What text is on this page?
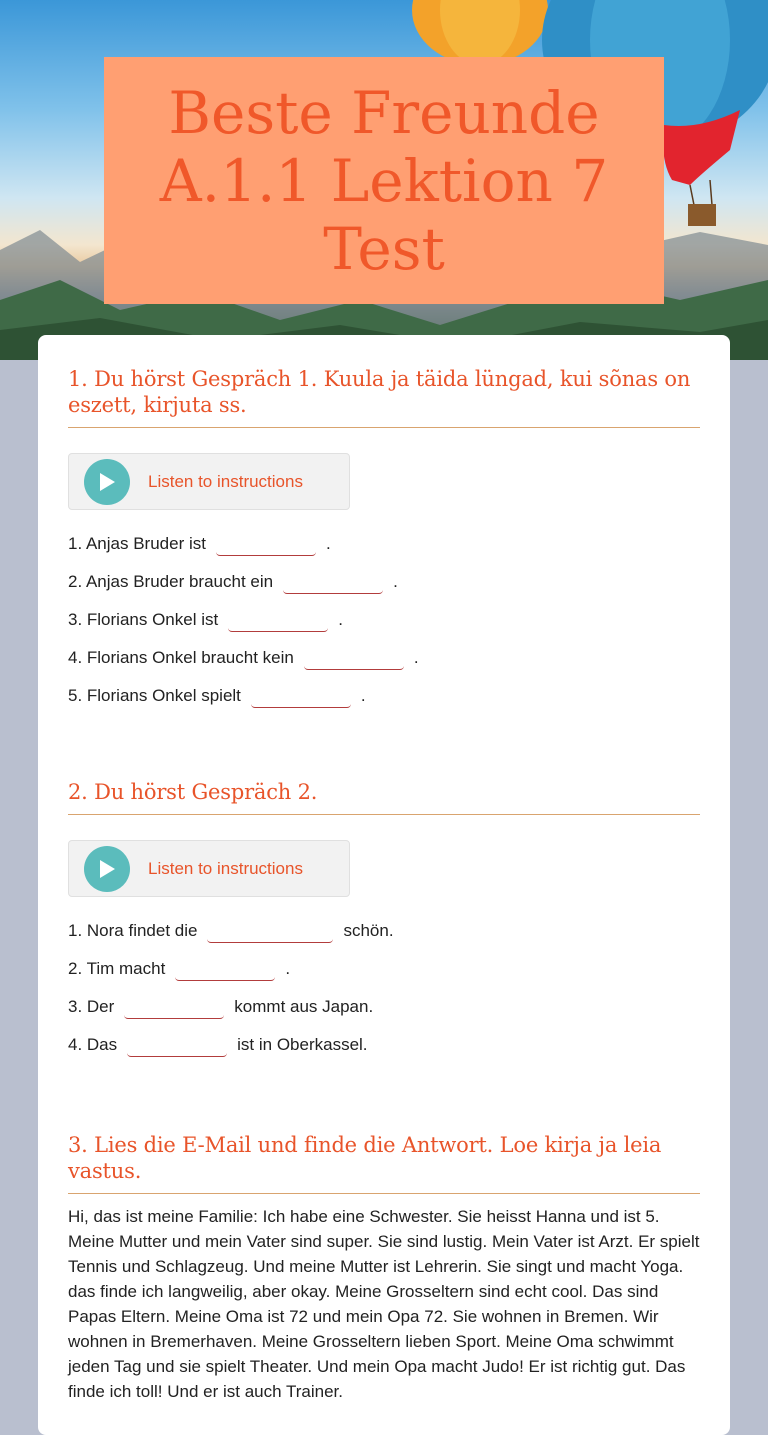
Beste Freunde A.1.1 Lektion 7 Test
1. Du hörst Gespräch 1. Kuula ja täida lüngad, kui sõnas on eszett, kirjuta ss.
Listen to instructions
1. Anjas Bruder ist	.
2. Anjas Bruder braucht ein	.
3. Florians Onkel ist	.
4. Florians Onkel braucht kein	.
5. Florians Onkel spielt	.
2. Du hörst Gespräch 2.
Listen to instructions
1. Nora findet die	schön.
2. Tim macht	.
3. Der	kommt aus Japan.
4. Das	ist in Oberkassel.
3. Lies die E-Mail und finde die Antwort. Loe kirja ja leia vastus.

Hi, das ist meine Familie: Ich habe eine Schwester. Sie heisst Hanna und ist 5. Meine Mutter und mein Vater sind super. Sie sind lustig. Mein Vater ist Arzt. Er spielt Tennis und Schlagzeug. Und meine Mutter ist Lehrerin. Sie singt und macht Yoga. das finde ich langweilig, aber okay. Meine Grosseltern sind echt cool. Das sind Papas Eltern. Meine Oma ist 72 und mein Opa 72. Sie wohnen in Bremen. Wir wohnen in Bremerhaven. Meine Grosseltern lieben Sport. Meine Oma schwimmt jeden Tag und sie spielt Theater. Und mein Opa macht Judo! Er ist richtig gut. Das finde ich toll! Und er ist auch Trainer.
